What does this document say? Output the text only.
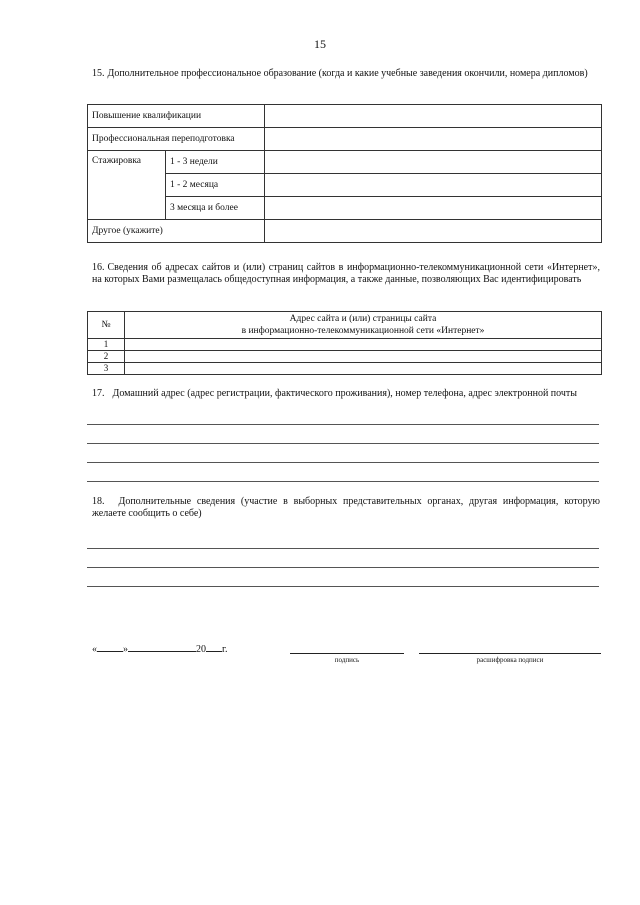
15
15. Дополнительное профессиональное образование (когда и какие учебные заведения окончили, номера дипломов)
Повышение квалификации		
Профессиональная переподготовка		
Стажировка	1 - 3 недели	
	1 - 2 месяца	
	3 месяца и более	
Другое (укажите)		
16. Сведения об адресах сайтов и (или) страниц сайтов в информационно-телекоммуникационной сети «Интернет», на которых Вами размещалась общедоступная информация, а также данные, позволяющих Вас идентифицировать
№	Адрес сайта и (или) страницы сайта
в информационно-телекоммуникационной сети «Интернет»

1	
2	
3	
17. Домашний адрес (адрес регистрации, фактического проживания), номер телефона, адрес электронной почты
18. Дополнительные сведения (участие в выборных представительных органах, другая информация, которую желаете сообщить о себе)
«	»	20 г.
подпись	расшифровка подписи
